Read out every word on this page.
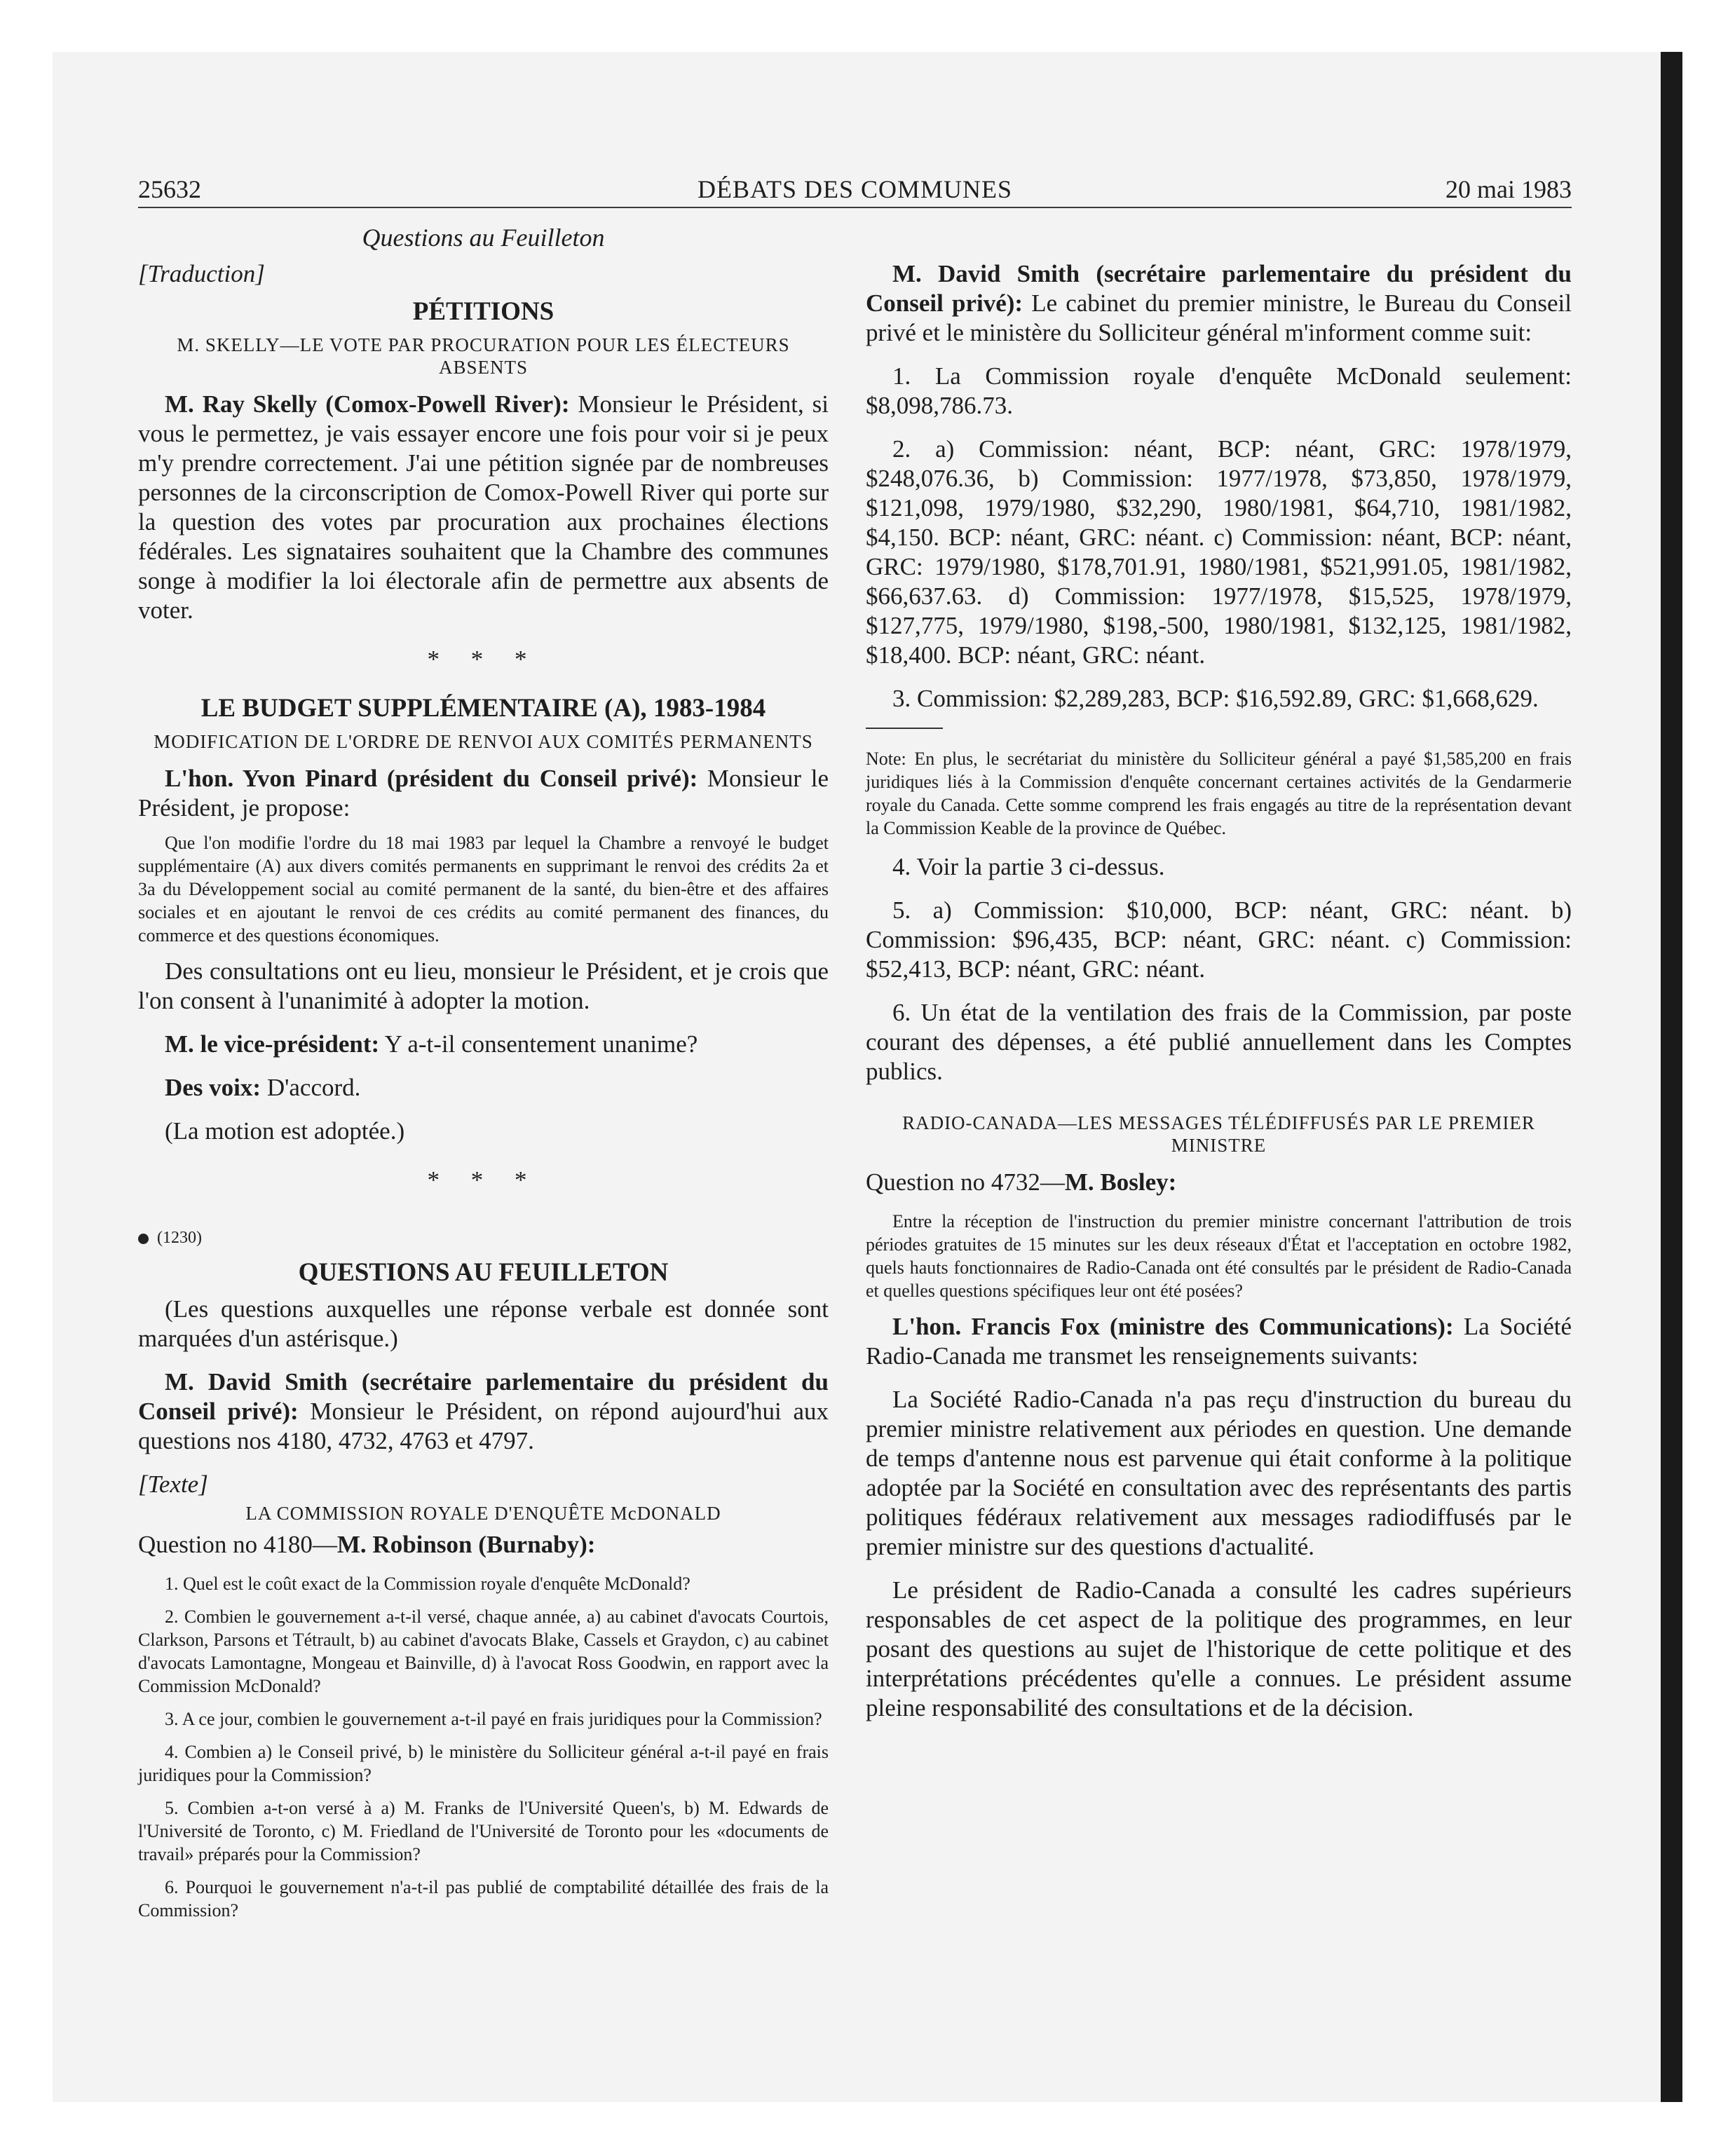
25632	DÉBATS DES COMMUNES	20 mai 1983
Questions au Feuilleton

[Traduction]

PÉTITIONS
M. SKELLY—LE VOTE PAR PROCURATION POUR LES ÉLECTEURS ABSENTS

M. Ray Skelly (Comox-Powell River): Monsieur le Président, si vous le permettez, je vais essayer encore une fois pour voir si je peux m'y prendre correctement. J'ai une pétition signée par de nombreuses personnes de la circonscription de Comox-Powell River qui porte sur la question des votes par procuration aux prochaines élections fédérales. Les signataires souhaitent que la Chambre des communes songe à modifier la loi électorale afin de permettre aux absents de voter.

* * *
LE BUDGET SUPPLÉMENTAIRE (A), 1983-1984
MODIFICATION DE L'ORDRE DE RENVOI AUX COMITÉS PERMANENTS

L'hon. Yvon Pinard (président du Conseil privé): Monsieur le Président, je propose:

Que l'on modifie l'ordre du 18 mai 1983 par lequel la Chambre a renvoyé le budget supplémentaire (A) aux divers comités permanents en supprimant le renvoi des crédits 2a et 3a du Développement social au comité permanent de la santé, du bien-être et des affaires sociales et en ajoutant le renvoi de ces crédits au comité permanent des finances, du commerce et des questions économiques.

Des consultations ont eu lieu, monsieur le Président, et je crois que l'on consent à l'unanimité à adopter la motion.

M. le vice-président: Y a-t-il consentement unanime?

Des voix: D'accord.

(La motion est adoptée.)

* * *
(1230)
QUESTIONS AU FEUILLETON

(Les questions auxquelles une réponse verbale est donnée sont marquées d'un astérisque.)

M. David Smith (secrétaire parlementaire du président du Conseil privé): Monsieur le Président, on répond aujourd'hui aux questions nos 4180, 4732, 4763 et 4797.

[Texte]

LA COMMISSION ROYALE D'ENQUÊTE McDONALD

Question no 4180—M. Robinson (Burnaby):

1. Quel est le coût exact de la Commission royale d'enquête McDonald?

2. Combien le gouvernement a-t-il versé, chaque année, a) au cabinet d'avocats Courtois, Clarkson, Parsons et Tétrault, b) au cabinet d'avocats Blake, Cassels et Graydon, c) au cabinet d'avocats Lamontagne, Mongeau et Bainville, d) à l'avocat Ross Goodwin, en rapport avec la Commission McDonald?

3. A ce jour, combien le gouvernement a-t-il payé en frais juridiques pour la Commission?

4. Combien a) le Conseil privé, b) le ministère du Solliciteur général a-t-il payé en frais juridiques pour la Commission?

5. Combien a-t-on versé à a) M. Franks de l'Université Queen's, b) M. Edwards de l'Université de Toronto, c) M. Friedland de l'Université de Toronto pour les «documents de travail» préparés pour la Commission?

6. Pourquoi le gouvernement n'a-t-il pas publié de comptabilité détaillée des frais de la Commission?

M. David Smith (secrétaire parlementaire du président du Conseil privé): Le cabinet du premier ministre, le Bureau du Conseil privé et le ministère du Solliciteur général m'informent comme suit:

1. La Commission royale d'enquête McDonald seulement: $8,098,786.73.

2. a) Commission: néant, BCP: néant, GRC: 1978/1979, $248,076.36, b) Commission: 1977/1978, $73,850, 1978/1979, $121,098, 1979/1980, $32,290, 1980/1981, $64,710, 1981/1982, $4,150. BCP: néant, GRC: néant. c) Commission: néant, BCP: néant, GRC: 1979/1980, $178,701.91, 1980/1981, $521,991.05, 1981/1982, $66,637.63. d) Commission: 1977/1978, $15,525, 1978/1979, $127,775, 1979/1980, $198,-500, 1980/1981, $132,125, 1981/1982, $18,400. BCP: néant, GRC: néant.

3. Commission: $2,289,283, BCP: $16,592.89, GRC: $1,668,629.

Note: En plus, le secrétariat du ministère du Solliciteur général a payé $1,585,200 en frais juridiques liés à la Commission d'enquête concernant certaines activités de la Gendarmerie royale du Canada. Cette somme comprend les frais engagés au titre de la représentation devant la Commission Keable de la province de Québec.

4. Voir la partie 3 ci-dessus.

5. a) Commission: $10,000, BCP: néant, GRC: néant. b) Commission: $96,435, BCP: néant, GRC: néant. c) Commission: $52,413, BCP: néant, GRC: néant.

6. Un état de la ventilation des frais de la Commission, par poste courant des dépenses, a été publié annuellement dans les Comptes publics.

RADIO-CANADA—LES MESSAGES TÉLÉDIFFUSÉS PAR LE PREMIER MINISTRE

Question no 4732—M. Bosley:

Entre la réception de l'instruction du premier ministre concernant l'attribution de trois périodes gratuites de 15 minutes sur les deux réseaux d'État et l'acceptation en octobre 1982, quels hauts fonctionnaires de Radio-Canada ont été consultés par le président de Radio-Canada et quelles questions spécifiques leur ont été posées?

L'hon. Francis Fox (ministre des Communications): La Société Radio-Canada me transmet les renseignements suivants:

La Société Radio-Canada n'a pas reçu d'instruction du bureau du premier ministre relativement aux périodes en question. Une demande de temps d'antenne nous est parvenue qui était conforme à la politique adoptée par la Société en consultation avec des représentants des partis politiques fédéraux relativement aux messages radiodiffusés par le premier ministre sur des questions d'actualité.

Le président de Radio-Canada a consulté les cadres supérieurs responsables de cet aspect de la politique des programmes, en leur posant des questions au sujet de l'historique de cette politique et des interprétations précédentes qu'elle a connues. Le président assume pleine responsabilité des consultations et de la décision.
